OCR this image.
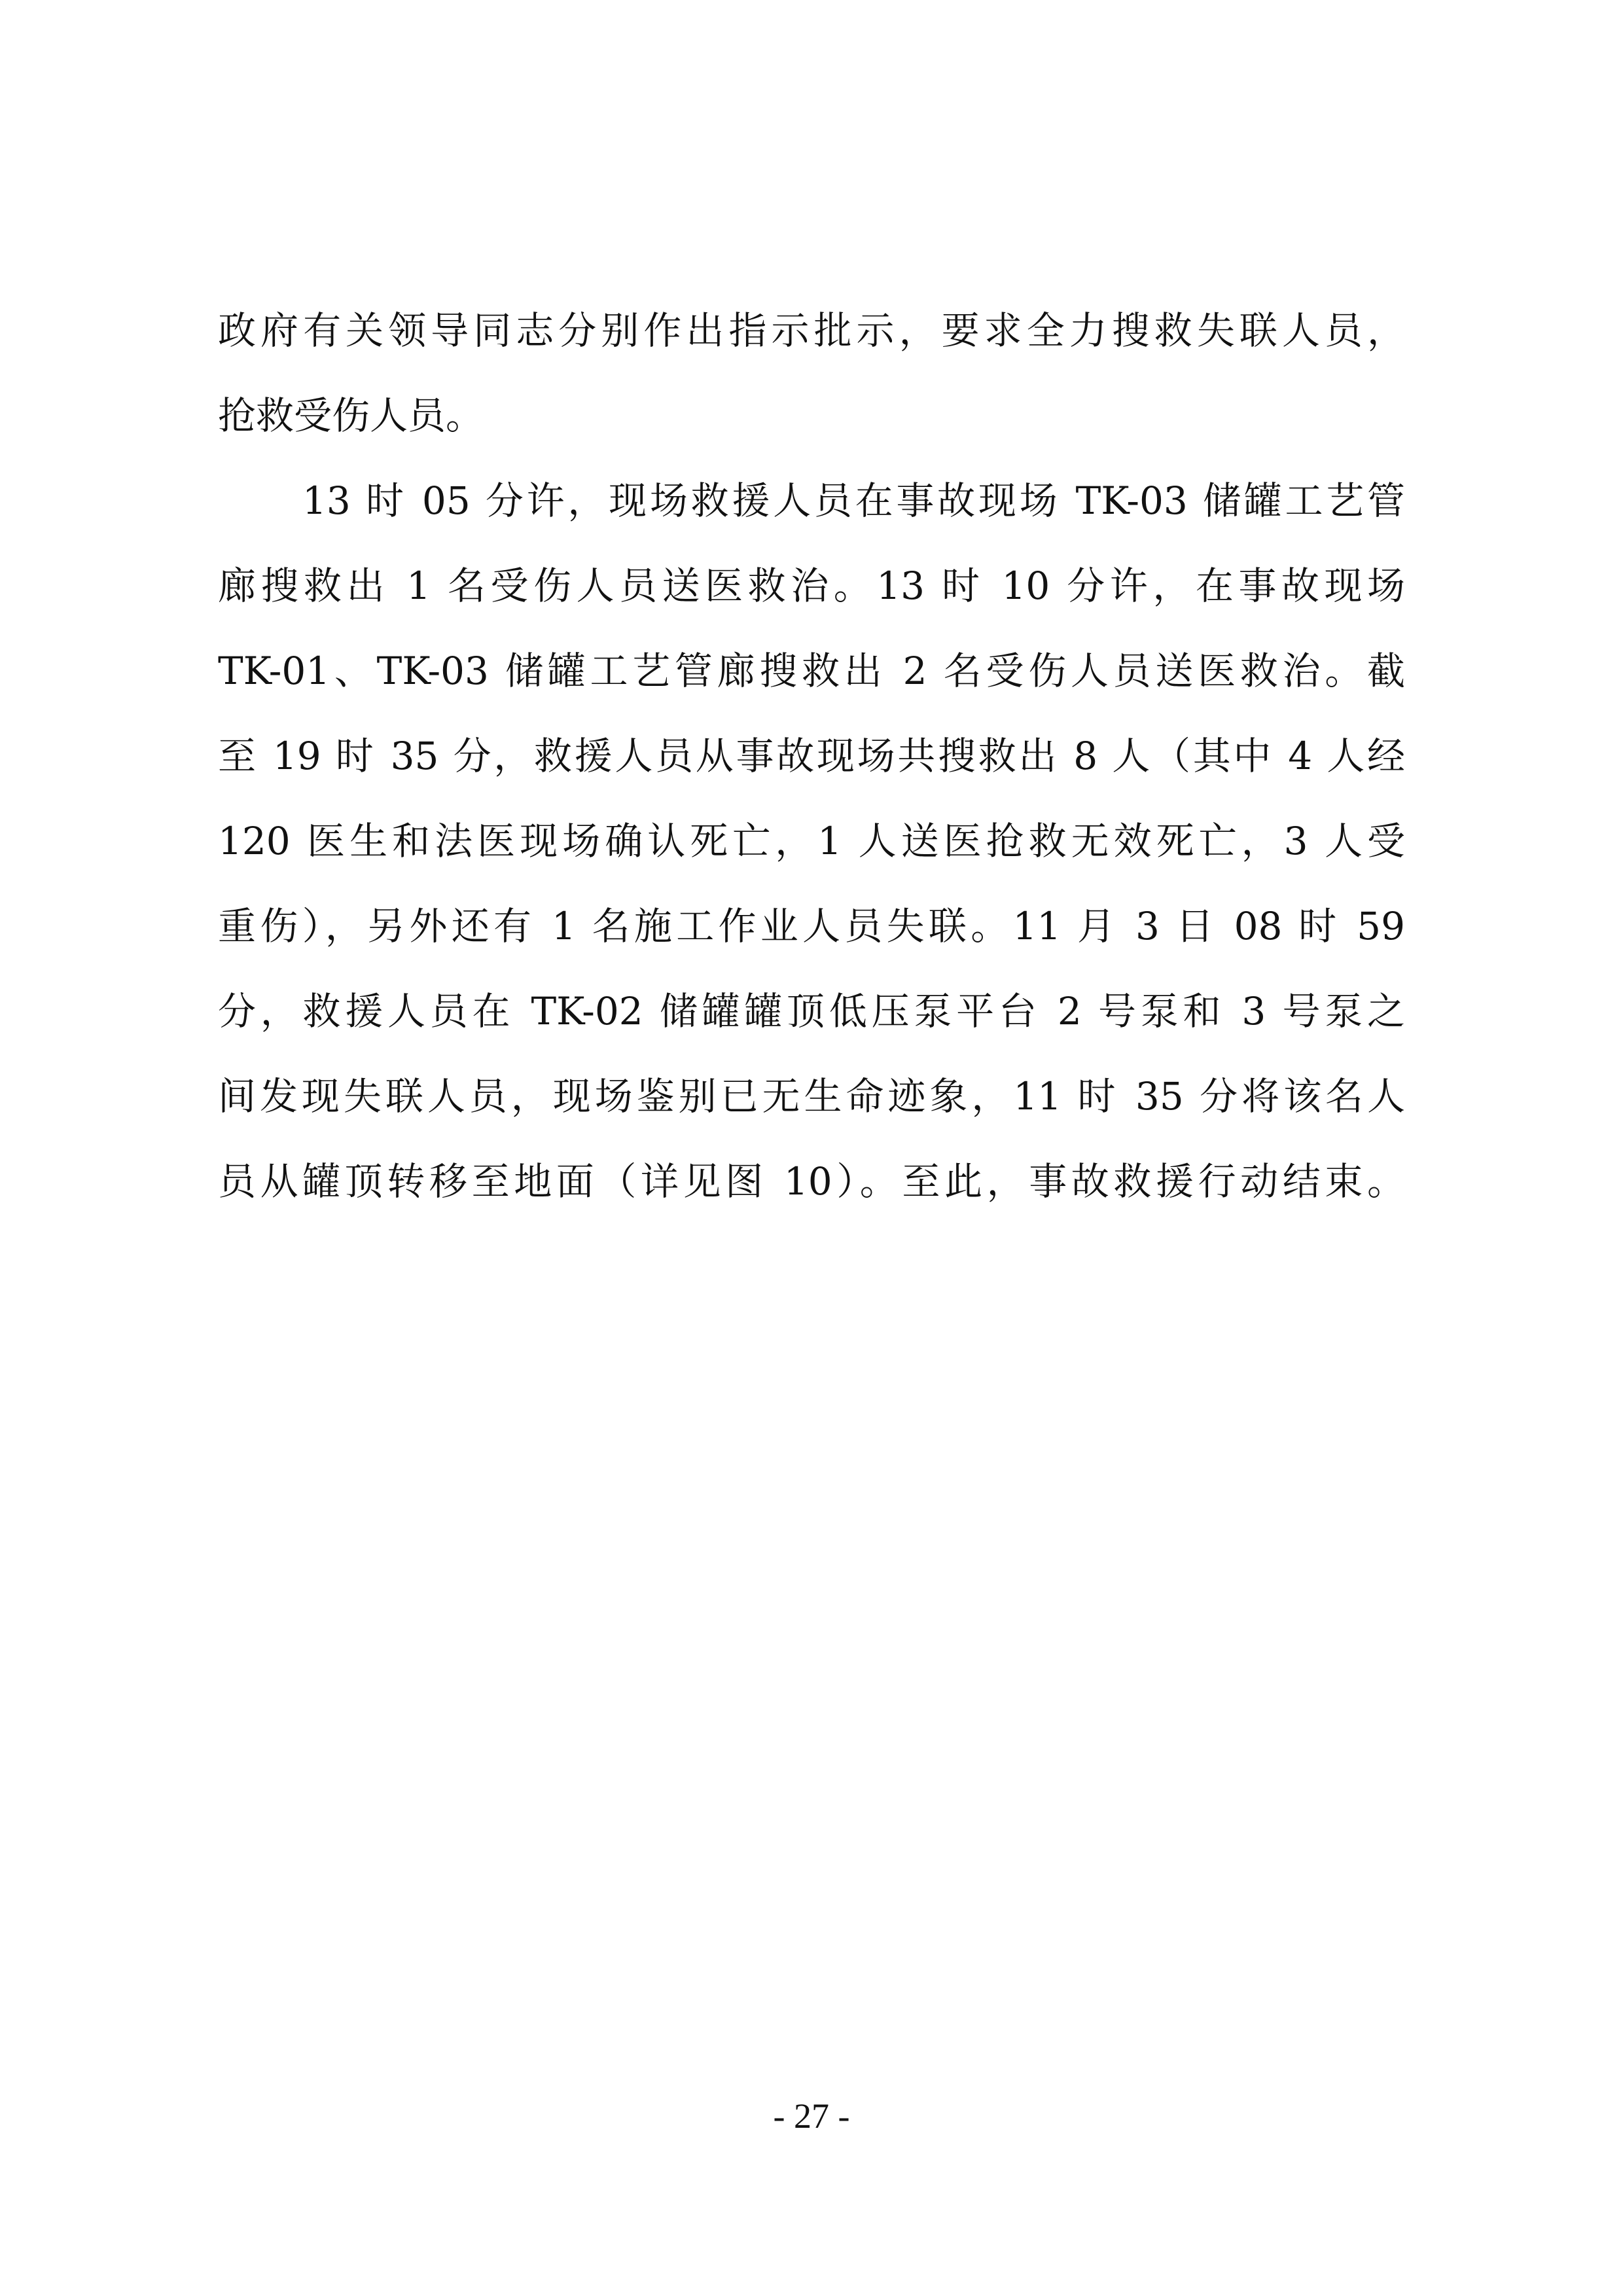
政府有关领导同志分别作出指示批示，要求全力搜救失联人员，
抢救受伤人员。
13 时 05 分许，现场救援人员在事故现场 TK-03 储罐工艺管
廊搜救出 1 名受伤人员送医救治。13 时 10 分许，在事故现场
TK-01、TK-03 储罐工艺管廊搜救出 2 名受伤人员送医救治。截
至 19 时 35 分，救援人员从事故现场共搜救出 8 人（其中 4 人经
120 医生和法医现场确认死亡，1 人送医抢救无效死亡，3 人受
重伤），另外还有 1 名施工作业人员失联。11 月 3 日 08 时 59
分，救援人员在 TK-02 储罐罐顶低压泵平台 2 号泵和 3 号泵之
间发现失联人员，现场鉴别已无生命迹象，11 时 35 分将该名人
员从罐顶转移至地面（详见图 10）。至此，事故救援行动结束。
- 27 -
